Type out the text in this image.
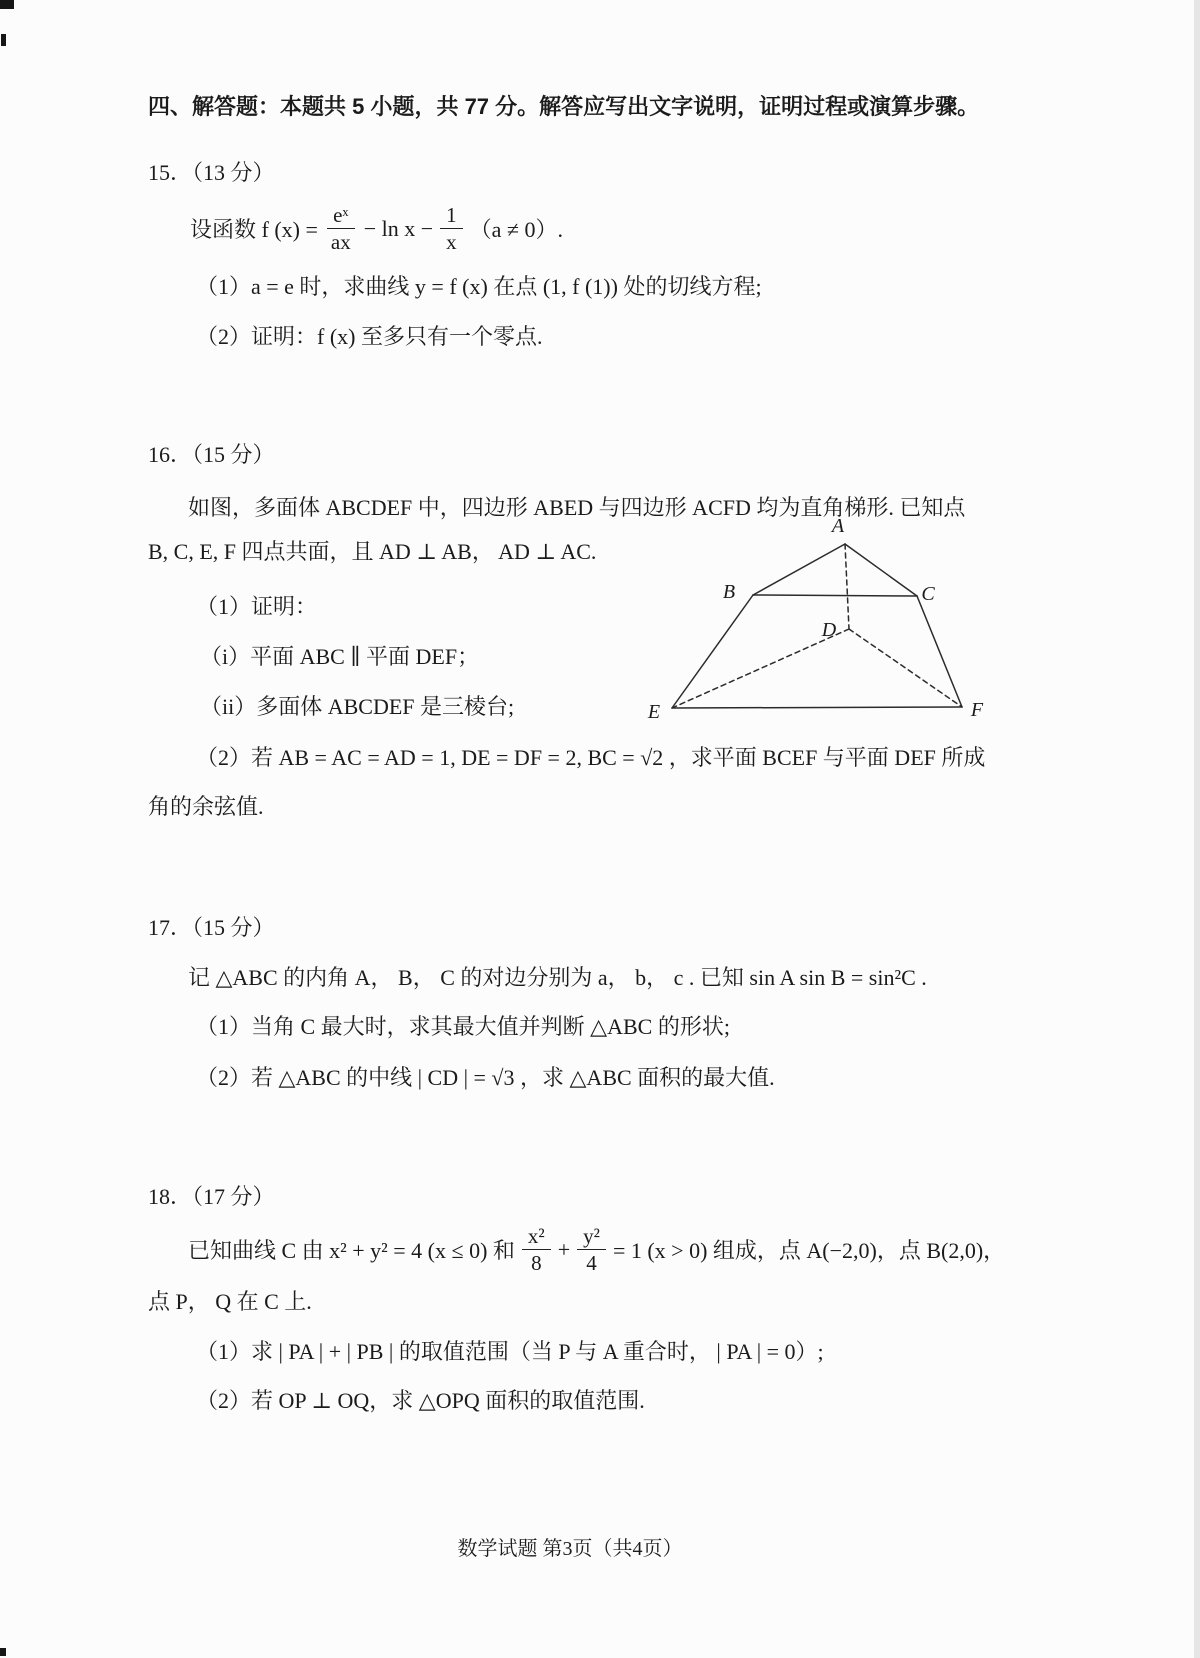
四、解答题：本题共 5 小题，共 77 分。解答应写出文字说明，证明过程或演算步骤。
15．（13 分）
设函数 f $(x) = \frac{\text{eˣ}}{ax} - \ln x - \frac{1}{x} (a \ne 0)$.
（1）a = e 时，求曲线 y = f (x) 在点 (1, f (1)) 处的切线方程;
（2）证明：f (x) 至多只有一个零点.
16．（15 分）
如图，多面体 ABCDEF 中，四边形 ABED 与四边形 ACFD 均为直角梯形. 已知点
B, C, E, F 四点共面，且 AD ⊥ AB， AD ⊥ AC.
（1）证明：
（i）平面 ABC ∥ 平面 DEF；
（ii）多面体 ABCDEF 是三棱台;
（2）若 AB = AC = AD = 1, DE = DF = 2, BC = √2 ，求平面 BCEF 与平面 DEF 所成
角的余弦值.
A
B	C
D
E	F
17．（15 分）
记 △ABC 的内角 A， B， C 的对边分别为 a， b， c . 已知 sin A sin B = sin²C .
（1）当角 C 最大时，求其最大值并判断 △ABC 的形状;
（2）若 △ABC 的中线 | CD | = √3 ，求 △ABC 面积的最大值.
18．（17 分）
已知曲线 C 由 x² + y² = 4 (x ≤ 0) 和 $\frac{\text{x²}}{8} + \frac{\text{y²}}{4} = 1$ (x > 0) 组成，点 A(−2,0)，点 B(2,0)，
点 P， Q 在 C 上.
（1）求 | PA | + | PB | 的取值范围（当 P 与 A 重合时， | PA | = 0）;
（2）若 OP ⊥ OQ，求 △OPQ 面积的取值范围.
数学试题 第3页（共4页）
